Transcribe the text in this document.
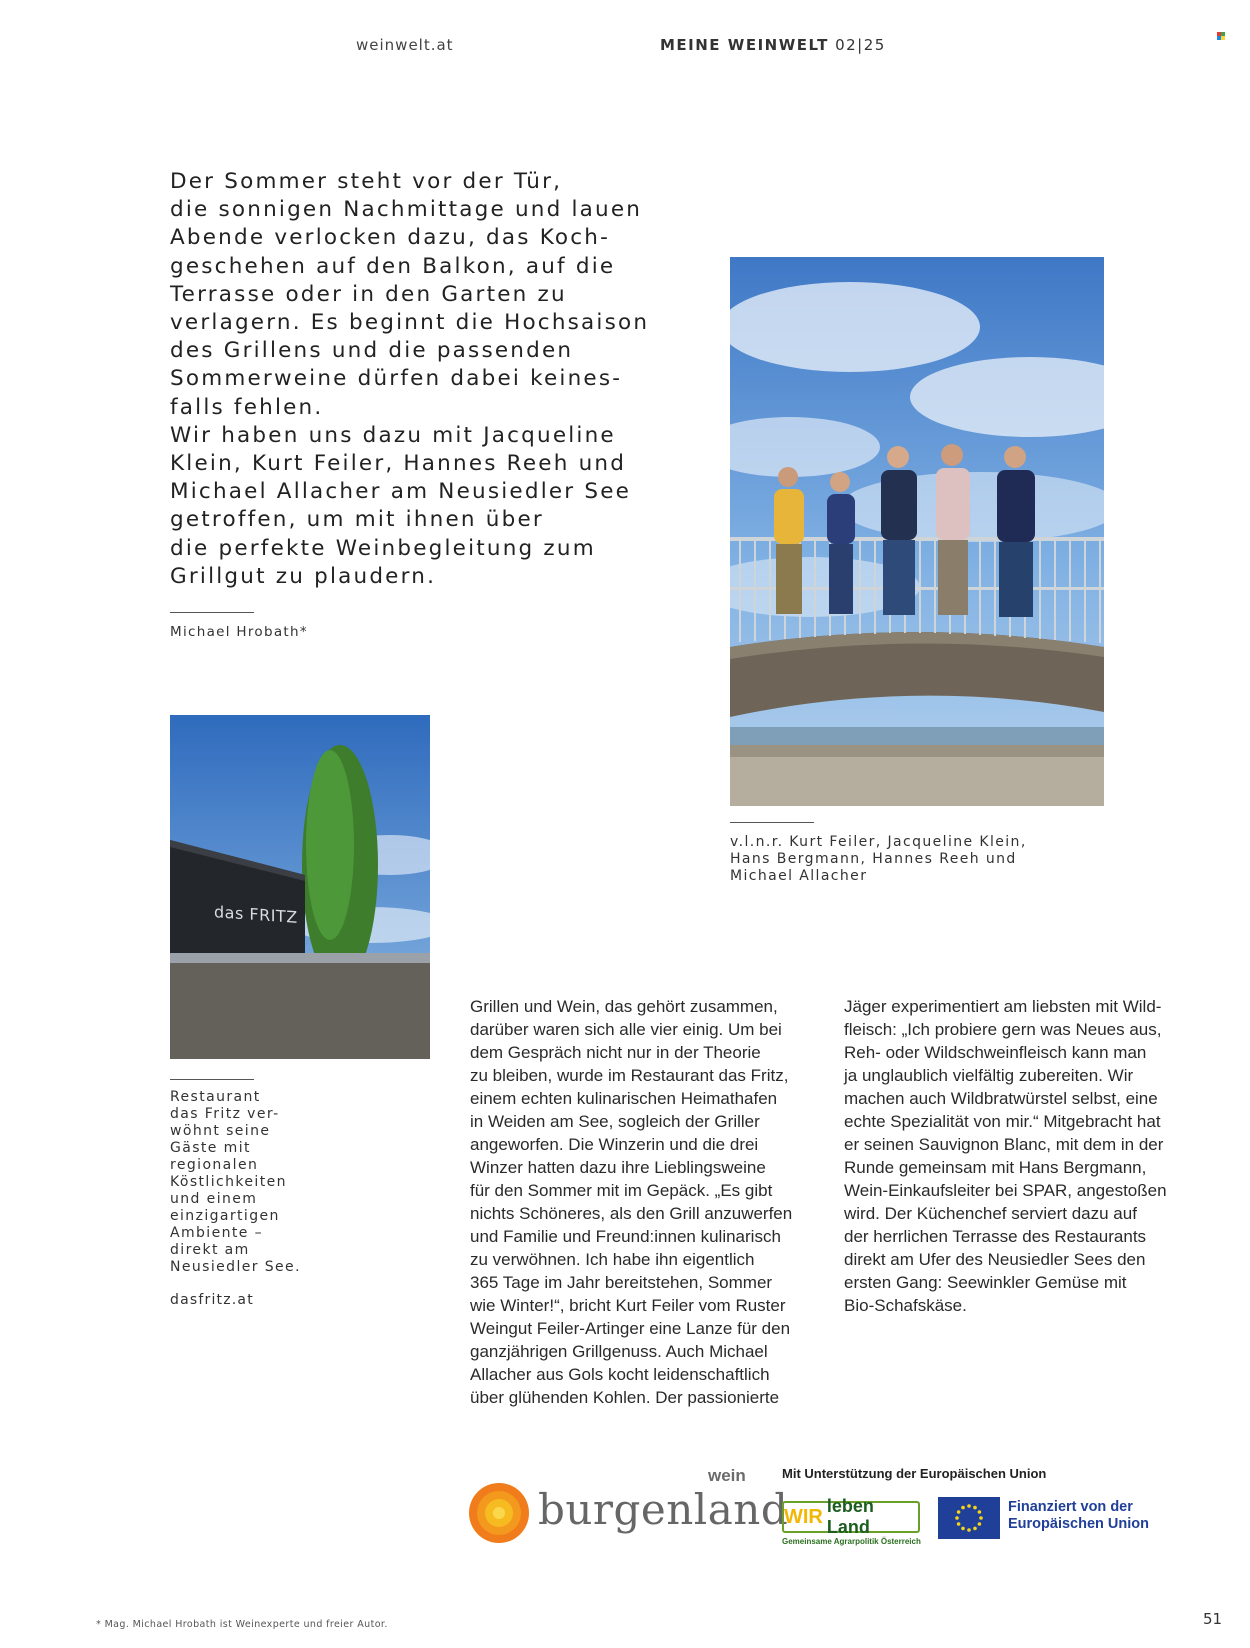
weinwelt.at	MEINE WEINWELT 02|25
Der Sommer steht vor der Tür,
die sonnigen Nachmittage und lauen
Abende verlocken dazu, das Koch-
geschehen auf den Balkon, auf die
Terrasse oder in den Garten zu
verlagern. Es beginnt die Hochsaison
des Grillens und die passenden
Sommerweine dürfen dabei keines-
falls fehlen.
Wir haben uns dazu mit Jacqueline
Klein, Kurt Feiler, Hannes Reeh und
Michael Allacher am Neusiedler See
getroffen, um mit ihnen über
die perfekte Weinbegleitung zum
Grillgut zu plaudern.
Michael Hrobath*
v.l.n.r. Kurt Feiler, Jacqueline Klein,
Hans Bergmann, Hannes Reeh und
Michael Allacher
das FRITZ
Restaurant
das Fritz ver-
wöhnt seine
Gäste mit
regionalen
Köstlichkeiten
und einem
einzigartigen
Ambiente –
direkt am
Neusiedler See.
dasfritz.at
Grillen und Wein, das gehört zusammen,
darüber waren sich alle vier einig. Um bei
dem Gespräch nicht nur in der Theorie
zu bleiben, wurde im Restaurant das Fritz,
einem echten kulinarischen Heimathafen
in Weiden am See, sogleich der Griller
angeworfen. Die Winzerin und die drei
Winzer hatten dazu ihre Lieblingsweine
für den Sommer mit im Gepäck. „Es gibt
nichts Schöneres, als den Grill anzuwerfen
und Familie und Freund:innen kulinarisch
zu verwöhnen. Ich habe ihn eigentlich
365 Tage im Jahr bereitstehen, Sommer
wie Winter!“, bricht Kurt Feiler vom Ruster
Weingut Feiler-Artinger eine Lanze für den
ganzjährigen Grillgenuss. Auch Michael
Allacher aus Gols kocht leidenschaftlich
über glühenden Kohlen. Der passionierte
Jäger experimentiert am liebsten mit Wild-
fleisch: „Ich probiere gern was Neues aus,
Reh- oder Wildschweinfleisch kann man
ja unglaublich vielfältig zubereiten. Wir
machen auch Wildbratwürstel selbst, eine
echte Spezialität von mir.“ Mitgebracht hat
er seinen Sauvignon Blanc, mit dem in der
Runde gemeinsam mit Hans Bergmann,
Wein-Einkaufsleiter bei SPAR, angestoßen
wird. Der Küchenchef serviert dazu auf
der herrlichen Terrasse des Restaurants
direkt am Ufer des Neusiedler Sees den
ersten Gang: Seewinkler Gemüse mit
Bio-Schafskäse.
wein
burgenland
Mit Unterstützung der Europäischen Union
WIR leben Land
Gemeinsame Agrarpolitik Österreich
Finanziert von der
Europäischen Union
* Mag. Michael Hrobath ist Weinexperte und freier Autor.	51
